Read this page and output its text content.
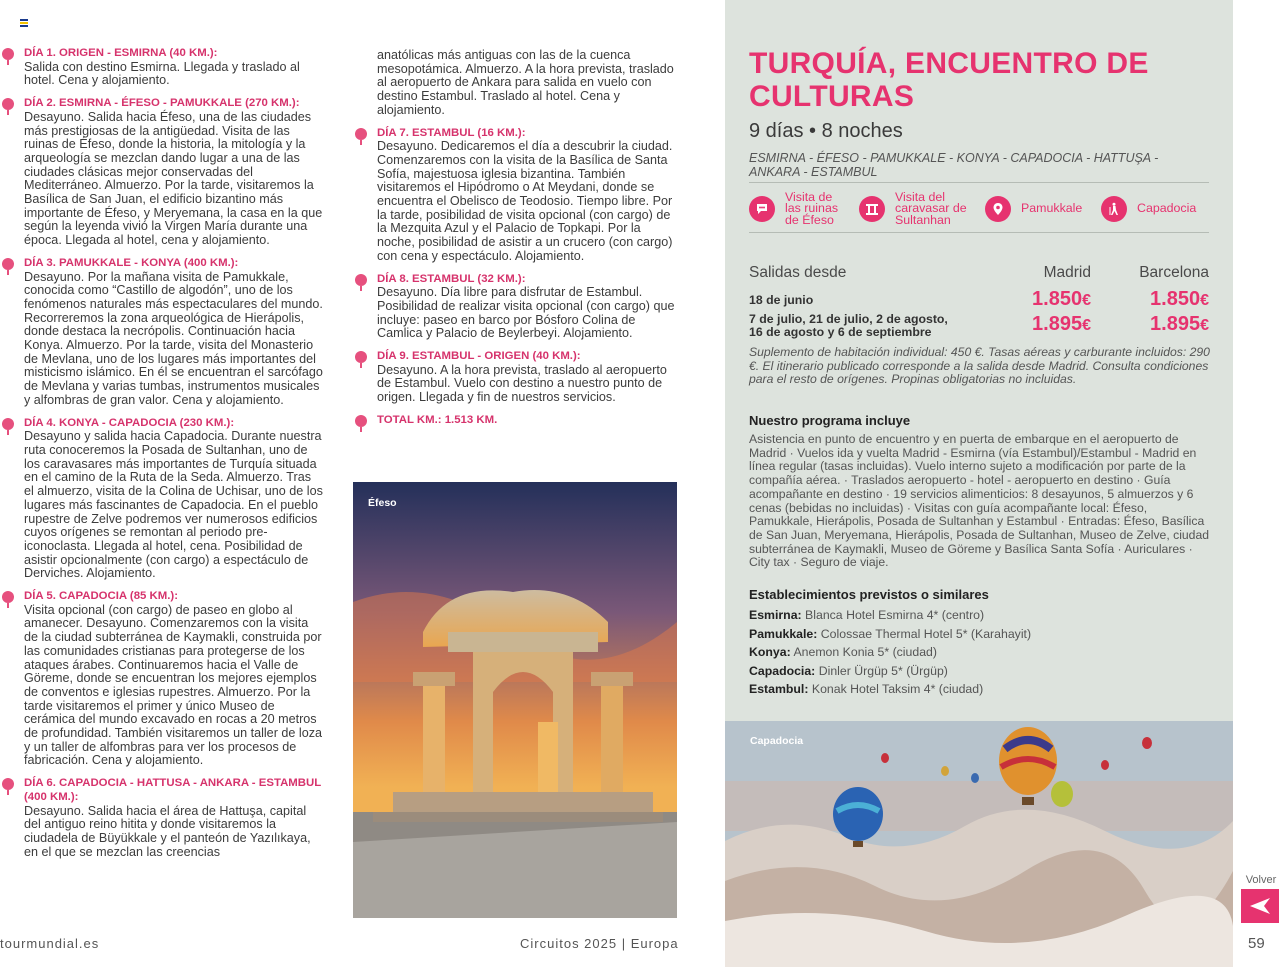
DÍA 1. ORIGEN - ESMIRNA (40 KM.):

Salida con destino Esmirna. Llegada y traslado al hotel. Cena y alojamiento.

DÍA 2. ESMIRNA - ÉFESO - PAMUKKALE (270 KM.):

Desayuno. Salida hacia Éfeso, una de las ciudades más prestigiosas de la antigüedad. Visita de las ruinas de Éfeso, donde la historia, la mitología y la arqueología se mezclan dando lugar a una de las ciudades clásicas mejor conservadas del Mediterráneo. Almuerzo. Por la tarde, visitaremos la Basílica de San Juan, el edificio bizantino más importante de Éfeso, y Meryemana, la casa en la que según la leyenda vivió la Virgen María durante una época. Llegada al hotel, cena y alojamiento.

DÍA 3. PAMUKKALE - KONYA (400 KM.):

Desayuno. Por la mañana visita de Pamukkale, conocida como “Castillo de algodón”, uno de los fenómenos naturales más espectaculares del mundo. Recorreremos la zona arqueológica de Hierápolis, donde destaca la necrópolis. Continuación hacia Konya. Almuerzo. Por la tarde, visita del Monasterio de Mevlana, uno de los lugares más importantes del misticismo islámico. En él se encuentran el sarcófago de Mevlana y varias tumbas, instrumentos musicales y alfombras de gran valor. Cena y alojamiento.

DÍA 4. KONYA - CAPADOCIA (230 KM.):

Desayuno y salida hacia Capadocia. Durante nuestra ruta conoceremos la Posada de Sultanhan, uno de los caravasares más importantes de Turquía situada en el camino de la Ruta de la Seda. Almuerzo. Tras el almuerzo, visita de la Colina de Uchisar, uno de los lugares más fascinantes de Capadocia. En el pueblo rupestre de Zelve podremos ver numerosos edificios cuyos orígenes se remontan al periodo pre-iconoclasta. Llegada al hotel, cena. Posibilidad de asistir opcionalmente (con cargo) a espectáculo de Derviches. Alojamiento.

DÍA 5. CAPADOCIA (85 KM.):

Visita opcional (con cargo) de paseo en globo al amanecer. Desayuno. Comenzaremos con la visita de la ciudad subterránea de Kaymakli, construida por las comunidades cristianas para protegerse de los ataques árabes. Continuaremos hacia el Valle de Göreme, donde se encuentran los mejores ejemplos de conventos e iglesias rupestres. Almuerzo. Por la tarde visitaremos el primer y único Museo de cerámica del mundo excavado en rocas a 20 metros de profundidad. También visitaremos un taller de loza y un taller de alfombras para ver los procesos de fabricación. Cena y alojamiento.

DÍA 6. CAPADOCIA - HATTUSA - ANKARA - ESTAMBUL (400 KM.):

Desayuno. Salida hacia el área de Hattuşa, capital del antiguo reino hitita y donde visitaremos la ciudadela de Büyükkale y el panteón de Yazılıkaya, en el que se mezclan las creencias

anatólicas más antiguas con las de la cuenca mesopotámica. Almuerzo. A la hora prevista, traslado al aeropuerto de Ankara para salida en vuelo con destino Estambul. Traslado al hotel. Cena y alojamiento.

DÍA 7. ESTAMBUL (16 KM.):

Desayuno. Dedicaremos el día a descubrir la ciudad. Comenzaremos con la visita de la Basílica de Santa Sofía, majestuosa iglesia bizantina. También visitaremos el Hipódromo o At Meydani, donde se encuentra el Obelisco de Teodosio. Tiempo libre. Por la tarde, posibilidad de visita opcional (con cargo) de la Mezquita Azul y el Palacio de Topkapi. Por la noche, posibilidad de asistir a un crucero (con cargo) con cena y espectáculo. Alojamiento.

DÍA 8. ESTAMBUL (32 KM.):

Desayuno. Día libre para disfrutar de Estambul. Posibilidad de realizar visita opcional (con cargo) que incluye: paseo en barco por Bósforo Colina de Camlica y Palacio de Beylerbeyi. Alojamiento.

DÍA 9. ESTAMBUL - ORIGEN (40 KM.):

Desayuno. A la hora prevista, traslado al aeropuerto de Estambul. Vuelo con destino a nuestro punto de origen. Llegada y fin de nuestros servicios.

TOTAL KM.: 1.513 KM.
Éfeso
TURQUÍA, ENCUENTRO DE CULTURAS
9 días • 8 noches
ESMIRNA - ÉFESO - PAMUKKALE - KONYA - CAPADOCIA - HATTUŞA - ANKARA - ESTAMBUL
Visita de
las ruinas
de Éfeso
Visita del
caravasar de
Sultanhan
Pamukkale	Capadocia
Salidas desde	Madrid	Barcelona
18 de junio	1.850€	1.850€
7 de julio, 21 de julio, 2 de agosto,
16 de agosto y 6 de septiembre	1.895€	1.895€
Suplemento de habitación individual: 450 €. Tasas aéreas y carburante incluidos: 290 €. El itinerario publicado corresponde a la salida desde Madrid. Consulta condiciones para el resto de orígenes. Propinas obligatorias no incluidas.
Nuestro programa incluye
Asistencia en punto de encuentro y en puerta de embarque en el aeropuerto de Madrid · Vuelos ida y vuelta Madrid - Esmirna (vía Estambul)/Estambul - Madrid en línea regular (tasas incluidas). Vuelo interno sujeto a modificación por parte de la compañía aérea. · Traslados aeropuerto - hotel - aeropuerto en destino · Guía acompañante en destino · 19 servicios alimenticios: 8 desayunos, 5 almuerzos y 6 cenas (bebidas no incluidas) · Visitas con guía acompañante local: Éfeso, Pamukkale, Hierápolis, Posada de Sultanhan y Estambul · Entradas: Éfeso, Basílica de San Juan, Meryemana, Hierápolis, Posada de Sultanhan, Museo de Zelve, ciudad subterránea de Kaymakli, Museo de Göreme y Basílica Santa Sofía · Auriculares · City tax · Seguro de viaje.
Establecimientos previstos o similares
Esmirna: Blanca Hotel Esmirna 4* (centro)
Pamukkale: Colossae Thermal Hotel 5* (Karahayit)
Konya: Anemon Konia 5* (ciudad)
Capadocia: Dinler Ürgüp 5* (Ürgüp)
Estambul: Konak Hotel Taksim 4* (ciudad)
Capadocia
tourmundial.es	Circuitos 2025 | Europa
Volver
59
